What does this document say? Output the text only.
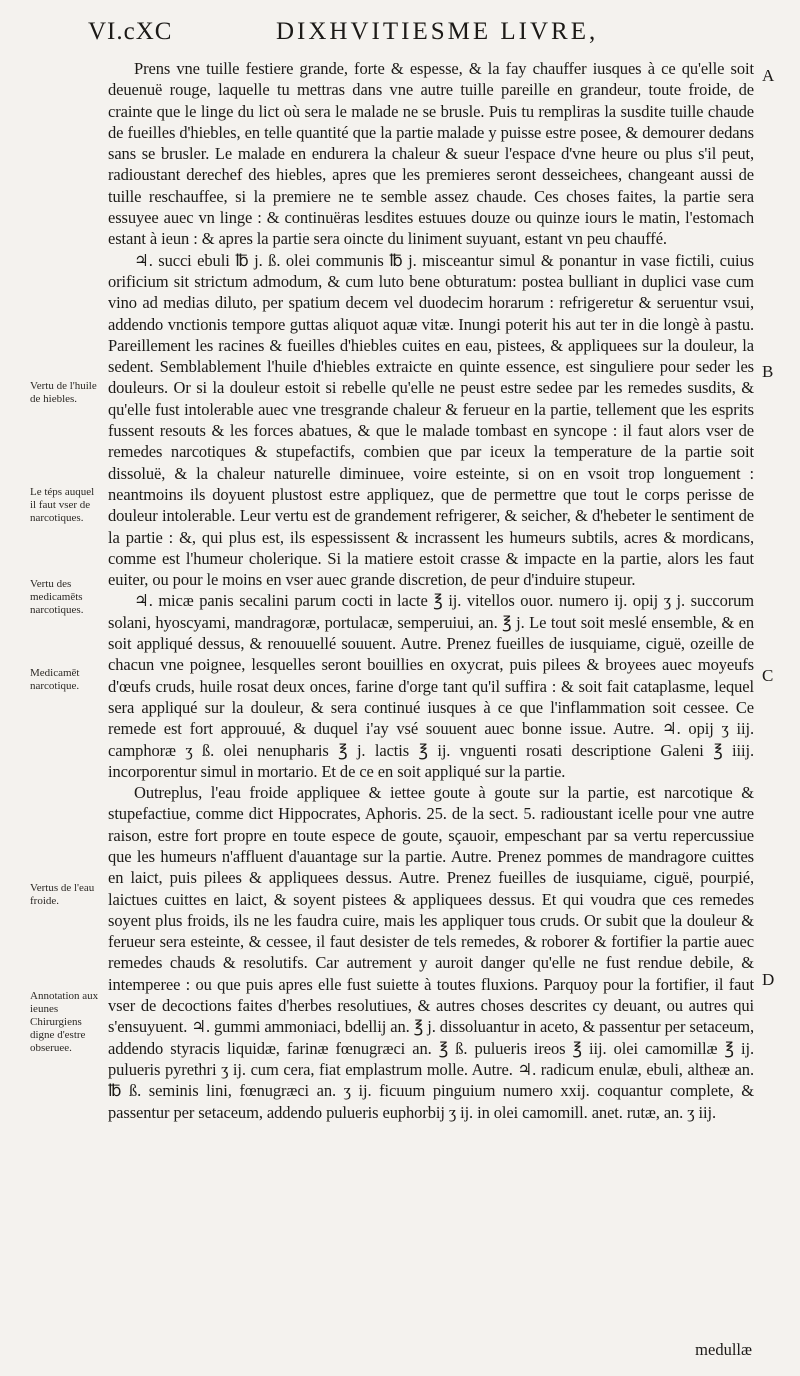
VI.cXC	DIXHVITIESME LIVRE,

Prens vne tuille festiere grande, forte & espesse, & la fay chauffer iusques à ce qu'elle soit deuenuë rouge, laquelle tu mettras dans vne autre tuille pareille en grandeur, toute froide, de crainte que le linge du lict où sera le malade ne se brusle. Puis tu rempliras la susdite tuille chaude de fueilles d'hiebles, en telle quantité que la partie malade y puisse estre posee, & demourer dedans sans se brusler. Le malade en endurera la chaleur & sueur l'espace d'vne heure ou plus s'il peut, radioustant derechef des hiebles, apres que les premieres seront desseichees, changeant aussi de tuille reschauffee, si la premiere ne te semble assez chaude. Ces choses faites, la partie sera essuyee auec vn linge : & continuëras lesdites estuues douze ou quinze iours le matin, l'estomach estant à ieun : & apres la partie sera oincte du liniment suyuant, estant vn peu chauffé.

♃. succi ebuli ℔ j. ß. olei communis ℔ j. misceantur simul & ponantur in vase fictili, cuius orificium sit strictum admodum, & cum luto bene obturatum: postea bulliant in duplici vase cum vino ad medias diluto, per spatium decem vel duodecim horarum : refrigeretur & seruentur vsui, addendo vnctionis tempore guttas aliquot aquæ vitæ. Inungi poterit his aut ter in die longè à pastu. Pareillement les racines & fueilles d'hiebles cuites en eau, pistees, & appliquees sur la douleur, la sedent. Semblablement l'huile d'hiebles extraicte en quinte essence, est singuliere pour seder les douleurs. Or si la douleur estoit si rebelle qu'elle ne peust estre sedee par les remedes susdits, & qu'elle fust intolerable auec vne tresgrande chaleur & ferueur en la partie, tellement que les esprits fussent resouts & les forces abatues, & que le malade tombast en syncope : il faut alors vser de remedes narcotiques & stupefactifs, combien que par iceux la temperature de la partie soit dissoluë, & la chaleur naturelle diminuee, voire esteinte, si on en vsoit trop longuement : neantmoins ils doyuent plustost estre appliquez, que de permettre que tout le corps perisse de douleur intolerable. Leur vertu est de grandement refrigerer, & seicher, & d'hebeter le sentiment de la partie : &, qui plus est, ils espessissent & incrassent les humeurs subtils, acres & mordicans, comme est l'humeur cholerique. Si la matiere estoit crasse & impacte en la partie, alors les faut euiter, ou pour le moins en vser auec grande discretion, de peur d'induire stupeur.

♃. micæ panis secalini parum cocti in lacte ℥ ij. vitellos ouor. numero ij. opij ʒ j. succorum solani, hyoscyami, mandragoræ, portulacæ, semperuiui, an. ℥ j. Le tout soit meslé ensemble, & en soit appliqué dessus, & renouuellé souuent. Autre. Prenez fueilles de iusquiame, ciguë, ozeille de chacun vne poignee, lesquelles seront bouillies en oxycrat, puis pilees & broyees auec moyeufs d'œufs cruds, huile rosat deux onces, farine d'orge tant qu'il suffira : & soit fait cataplasme, lequel sera appliqué sur la douleur, & sera continué iusques à ce que l'inflammation soit cessee. Ce remede est fort approuué, & duquel i'ay vsé souuent auec bonne issue. Autre. ♃. opij ʒ iij. camphoræ ʒ ß. olei nenupharis ℥ j. lactis ℥ ij. vnguenti rosati descriptione Galeni ℥ iiij. incorporentur simul in mortario. Et de ce en soit appliqué sur la partie.

Outreplus, l'eau froide appliquee & iettee goute à goute sur la partie, est narcotique & stupefactiue, comme dict Hippocrates, Aphoris. 25. de la sect. 5. radioustant icelle pour vne autre raison, estre fort propre en toute espece de goute, sçauoir, empeschant par sa vertu repercussiue que les humeurs n'affluent d'auantage sur la partie. Autre. Prenez pommes de mandragore cuittes en laict, puis pilees & appliquees dessus. Autre. Prenez fueilles de iusquiame, ciguë, pourpié, laictues cuittes en laict, & soyent pistees & appliquees dessus. Et qui voudra que ces remedes soyent plus froids, ils ne les faudra cuire, mais les appliquer tous cruds. Or subit que la douleur & ferueur sera esteinte, & cessee, il faut desister de tels remedes, & roborer & fortifier la partie auec remedes chauds & resolutifs. Car autrement y auroit danger qu'elle ne fust rendue debile, & intemperee : ou que puis apres elle fust suiette à toutes fluxions. Parquoy pour la fortifier, il faut vser de decoctions faites d'herbes resolutiues, & autres choses descrites cy deuant, ou autres qui s'ensuyuent. ♃. gummi ammoniaci, bdellij an. ℥ j. dissoluantur in aceto, & passentur per setaceum, addendo styracis liquidæ, farinæ fœnugræci an. ℥ ß. pulueris ireos ℥ iij. olei camomillæ ℥ ij. pulueris pyrethri ʒ ij. cum cera, fiat emplastrum molle. Autre. ♃. radicum enulæ, ebuli, altheæ an. ℔ ß. seminis lini, fœnugræci an. ʒ ij. ficuum pinguium numero xxij. coquantur complete, & passentur per setaceum, addendo pulueris euphorbij ʒ ij. in olei camomill. anet. rutæ, an. ʒ iij.

Vertu de l'huile de hiebles.
Le téps auquel il faut vser de narcotiques.
Vertu des medicamēts narcotiques.
Medicamēt narcotique.
Vertus de l'eau froide.
Annotation aux ieunes Chirurgiens digne d'estre obseruee.
A
B
C
D
medullæ
